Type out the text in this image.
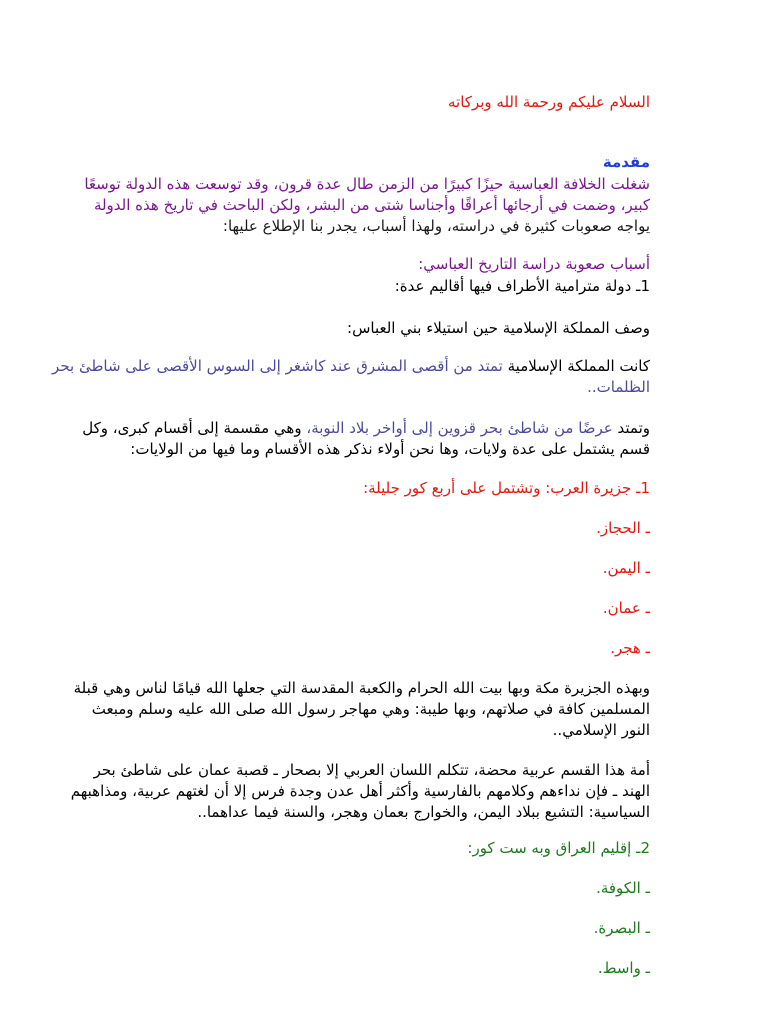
السلام عليكم ورحمة الله وبركاته

مقدمة

شغلت الخلافة العباسية حيزًا كبيرًا من الزمن طال عدة قرون، وقد توسعت هذه الدولة توسعًا

كبير، وضمت في أرجائها أعراقًا وأجناسا شتى من البشر، ولكن الباحث في تاريخ هذه الدولة

يواجه صعوبات كثيرة في دراسته، ولهذا أسباب، يجدر بنا الإطلاع عليها:

أسباب صعوبة دراسة التاريخ العباسي:

1ـ دولة مترامية الأطراف فيها أقاليم عدة:

وصف المملكة الإسلامية حين استيلاء بني العباس:

كانت المملكة الإسلامية تمتد من أقصى المشرق عند كاشغر إلى السوس الأقصى على شاطئ بحر

الظلمات..

وتمتد عرضًا من شاطئ بحر قزوين إلى أواخر بلاد النوبة، وهي مقسمة إلى أقسام كبرى، وكل

قسم يشتمل على عدة ولايات، وها نحن أولاء نذكر هذه الأقسام وما فيها من الولايات:

1ـ جزيرة العرب: وتشتمل على أربع كور جليلة:

ـ الحجاز.

ـ اليمن.

ـ عمان.

ـ هجر.

وبهذه الجزيرة مكة وبها بيت الله الحرام والكعبة المقدسة التي جعلها الله قيامًا لناس وهي قبلة

المسلمين كافة في صلاتهم، وبها طيبة: وهي مهاجر رسول الله صلى الله عليه وسلم ومبعث

النور الإسلامي..

أمة هذا القسم عربية محضة، تتكلم اللسان العربي إلا بصحار ـ قصبة عمان على شاطئ بحر

الهند ـ فإن نداءهم وكلامهم بالفارسية وأكثر أهل عدن وجدة فرس إلا أن لغتهم عربية، ومذاهبهم

السياسية: التشيع ببلاد اليمن، والخوارج بعمان وهجر، والسنة فيما عداهما..

2ـ إقليم العراق وبه ست كور:

ـ الكوفة.

ـ البصرة.

ـ واسط.
